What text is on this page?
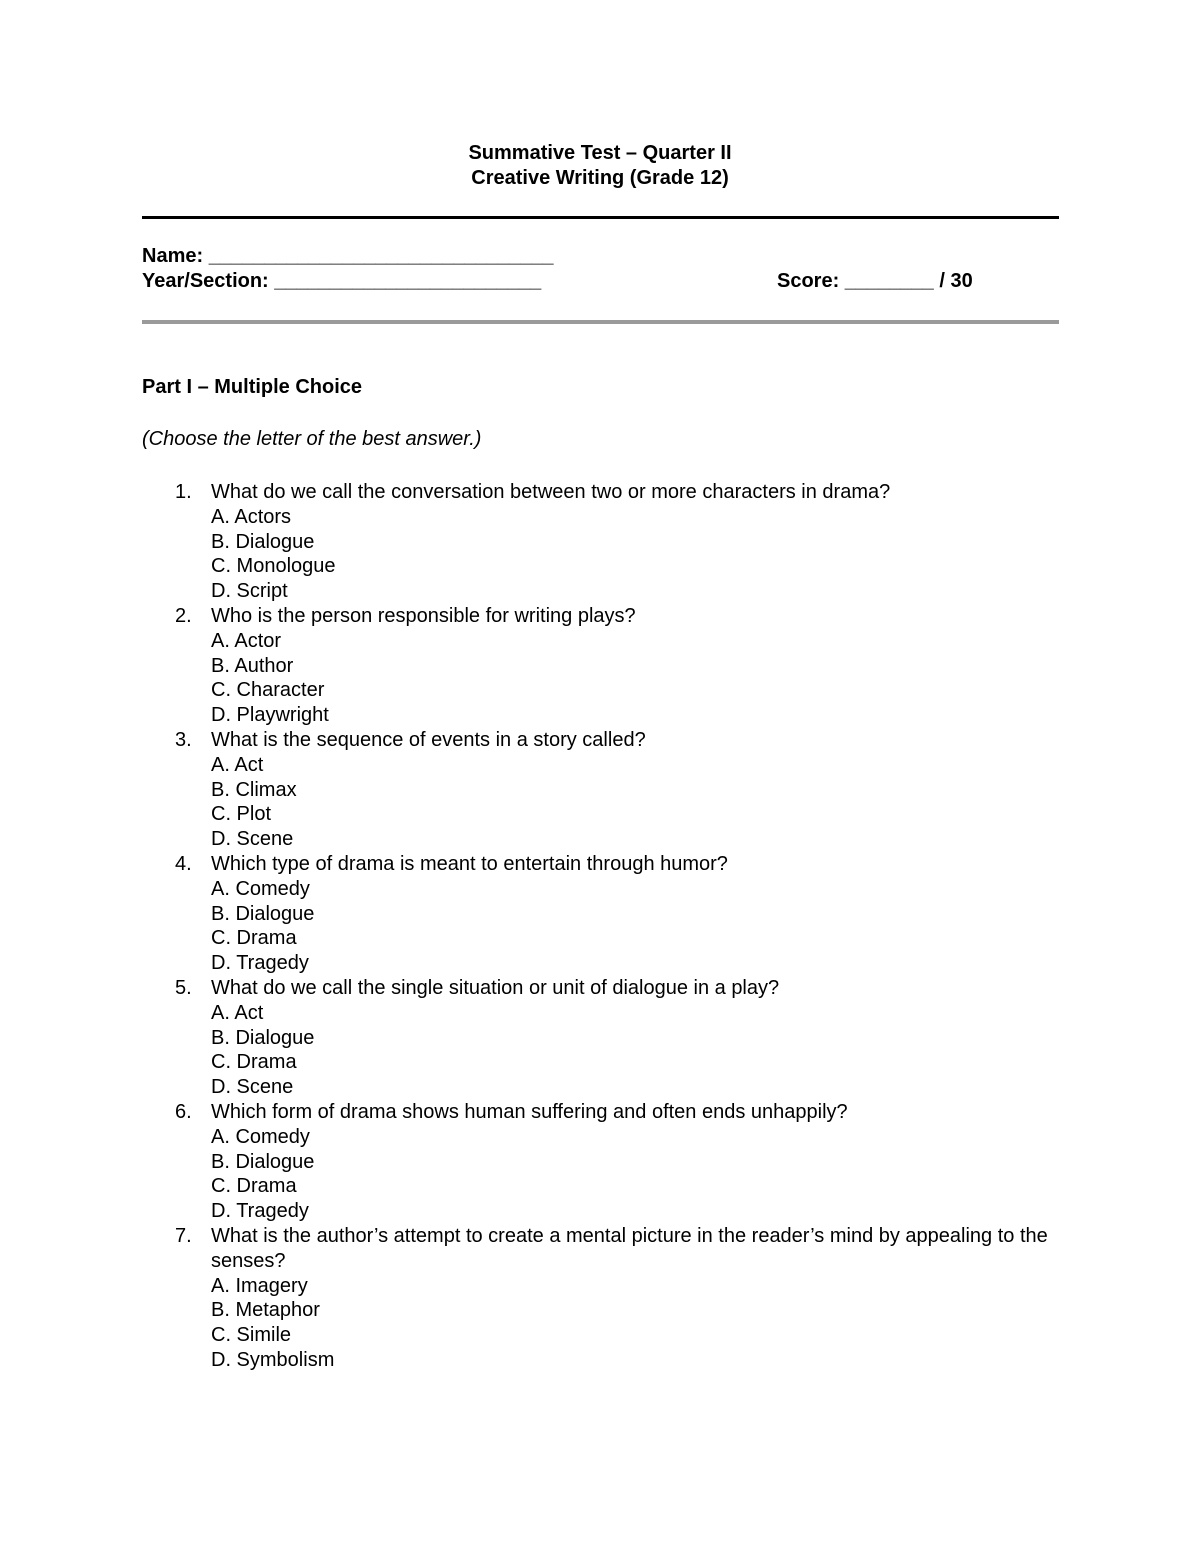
Summative Test – Quarter II
Creative Writing (Grade 12)
Name: _______________________________
Year/Section: ________________________	Score: ________ / 30
Part I – Multiple Choice
(Choose the letter of the best answer.)
1. What do we call the conversation between two or more characters in drama?
A. Actors
B. Dialogue
C. Monologue
D. Script
2. Who is the person responsible for writing plays?
A. Actor
B. Author
C. Character
D. Playwright
3. What is the sequence of events in a story called?
A. Act
B. Climax
C. Plot
D. Scene
4. Which type of drama is meant to entertain through humor?
A. Comedy
B. Dialogue
C. Drama
D. Tragedy
5. What do we call the single situation or unit of dialogue in a play?
A. Act
B. Dialogue
C. Drama
D. Scene
6. Which form of drama shows human suffering and often ends unhappily?
A. Comedy
B. Dialogue
C. Drama
D. Tragedy
7. What is the author’s attempt to create a mental picture in the reader’s mind by appealing to the senses?
A. Imagery
B. Metaphor
C. Simile
D. Symbolism
